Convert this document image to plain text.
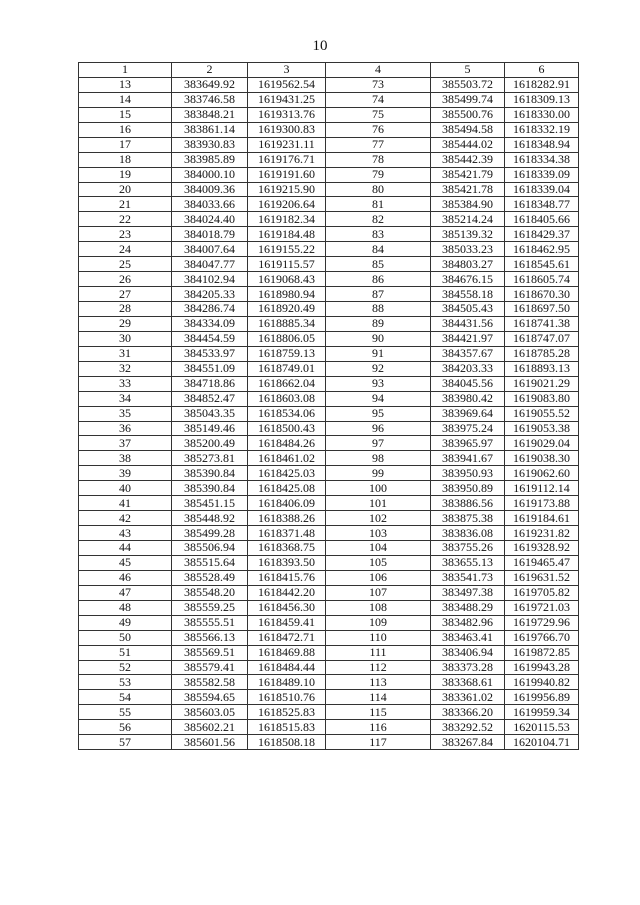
10
1	2	3	4	5	6
13	383649.92	1619562.54	73	385503.72	1618282.91
14	383746.58	1619431.25	74	385499.74	1618309.13
15	383848.21	1619313.76	75	385500.76	1618330.00
16	383861.14	1619300.83	76	385494.58	1618332.19
17	383930.83	1619231.11	77	385444.02	1618348.94
18	383985.89	1619176.71	78	385442.39	1618334.38
19	384000.10	1619191.60	79	385421.79	1618339.09
20	384009.36	1619215.90	80	385421.78	1618339.04
21	384033.66	1619206.64	81	385384.90	1618348.77
22	384024.40	1619182.34	82	385214.24	1618405.66
23	384018.79	1619184.48	83	385139.32	1618429.37
24	384007.64	1619155.22	84	385033.23	1618462.95
25	384047.77	1619115.57	85	384803.27	1618545.61
26	384102.94	1619068.43	86	384676.15	1618605.74
27	384205.33	1618980.94	87	384558.18	1618670.30
28	384286.74	1618920.49	88	384505.43	1618697.50
29	384334.09	1618885.34	89	384431.56	1618741.38
30	384454.59	1618806.05	90	384421.97	1618747.07
31	384533.97	1618759.13	91	384357.67	1618785.28
32	384551.09	1618749.01	92	384203.33	1618893.13
33	384718.86	1618662.04	93	384045.56	1619021.29
34	384852.47	1618603.08	94	383980.42	1619083.80
35	385043.35	1618534.06	95	383969.64	1619055.52
36	385149.46	1618500.43	96	383975.24	1619053.38
37	385200.49	1618484.26	97	383965.97	1619029.04
38	385273.81	1618461.02	98	383941.67	1619038.30
39	385390.84	1618425.03	99	383950.93	1619062.60
40	385390.84	1618425.08	100	383950.89	1619112.14
41	385451.15	1618406.09	101	383886.56	1619173.88
42	385448.92	1618388.26	102	383875.38	1619184.61
43	385499.28	1618371.48	103	383836.08	1619231.82
44	385506.94	1618368.75	104	383755.26	1619328.92
45	385515.64	1618393.50	105	383655.13	1619465.47
46	385528.49	1618415.76	106	383541.73	1619631.52
47	385548.20	1618442.20	107	383497.38	1619705.82
48	385559.25	1618456.30	108	383488.29	1619721.03
49	385555.51	1618459.41	109	383482.96	1619729.96
50	385566.13	1618472.71	110	383463.41	1619766.70
51	385569.51	1618469.88	111	383406.94	1619872.85
52	385579.41	1618484.44	112	383373.28	1619943.28
53	385582.58	1618489.10	113	383368.61	1619940.82
54	385594.65	1618510.76	114	383361.02	1619956.89
55	385603.05	1618525.83	115	383366.20	1619959.34
56	385602.21	1618515.83	116	383292.52	1620115.53
57	385601.56	1618508.18	117	383267.84	1620104.71
